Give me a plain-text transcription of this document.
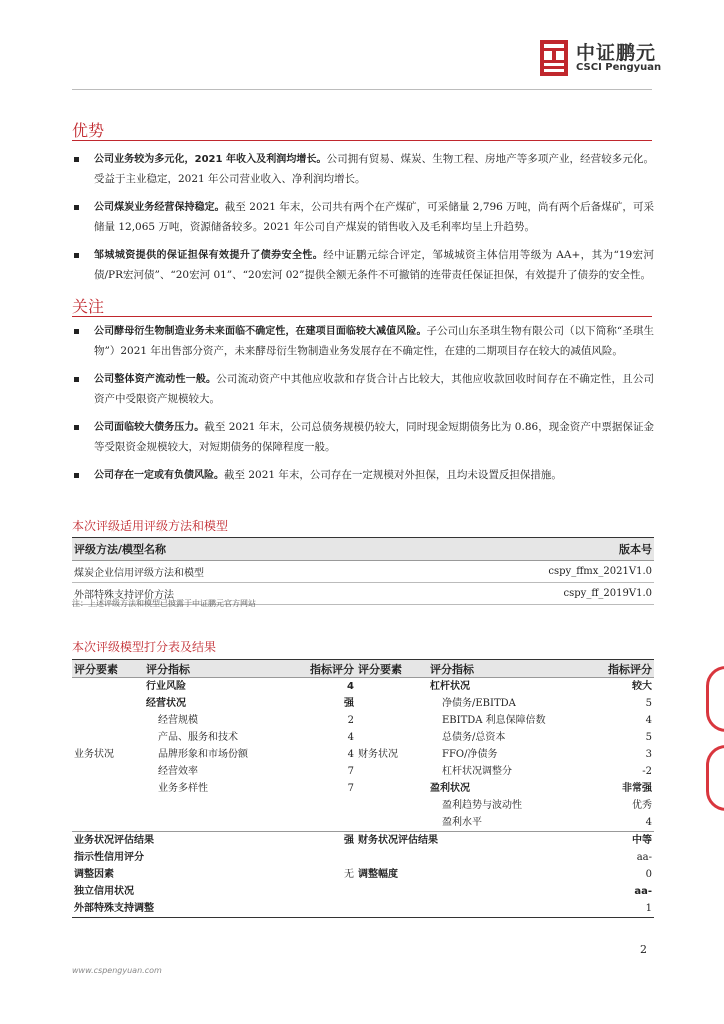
中证鹏元
CSCI Pengyuan
优势
公司业务较为多元化，2021 年收入及利润均增长。公司拥有贸易、煤炭、生物工程、房地产等多项产业，经营较多元化。受益于主业稳定，2021 年公司营业收入、净利润均增长。
公司煤炭业务经营保持稳定。截至 2021 年末，公司共有两个在产煤矿，可采储量 2,796 万吨，尚有两个后备煤矿，可采储量 12,065 万吨，资源储备较多。2021 年公司自产煤炭的销售收入及毛利率均呈上升趋势。
邹城城资提供的保证担保有效提升了债券安全性。经中证鹏元综合评定，邹城城资主体信用等级为 AA+，其为“19宏河债/PR宏河债”、“20宏河 01”、“20宏河 02”提供全额无条件不可撤销的连带责任保证担保，有效提升了债券的安全性。
关注
公司酵母衍生物制造业务未来面临不确定性，在建项目面临较大减值风险。子公司山东圣琪生物有限公司（以下简称“圣琪生物”）2021 年出售部分资产，未来酵母衍生物制造业务发展存在不确定性，在建的二期项目存在较大的减值风险。
公司整体资产流动性一般。公司流动资产中其他应收款和存货合计占比较大，其他应收款回收时间存在不确定性，且公司资产中受限资产规模较大。
公司面临较大债务压力。截至 2021 年末，公司总债务规模仍较大，同时现金短期债务比为 0.86，现金资产中票据保证金等受限资金规模较大，对短期债务的保障程度一般。
公司存在一定或有负债风险。截至 2021 年末，公司存在一定规模对外担保，且均未设置反担保措施。
本次评级适用评级方法和模型
评级方法/模型名称	版本号
煤炭企业信用评级方法和模型	cspy_ffmx_2021V1.0
外部特殊支持评价方法	cspy_ff_2019V1.0
注：上述评级方法和模型已披露于中证鹏元官方网站
本次评级模型打分表及结果
评分要素	评分指标	指标评分	评分要素	评分指标	指标评分
业务状况	行业风险	4	财务状况	杠杆状况	较大
	经营状况	强		净债务/EBITDA	5
	经营规模	2		EBITDA 利息保障倍数	4
	产品、服务和技术	4		总债务/总资本	5
	品牌形象和市场份额	4		FFO/净债务	3
	经营效率	7		杠杆状况调整分	-2
	业务多样性	7		盈利状况	非常强
				盈利趋势与波动性	优秀
				盈利水平	4
业务状况评估结果		强	财务状况评估结果		中等
指示性信用评分					aa-
调整因素		无	调整幅度		0
独立信用状况					aa-
外部特殊支持调整					1
2
www.cspengyuan.com
